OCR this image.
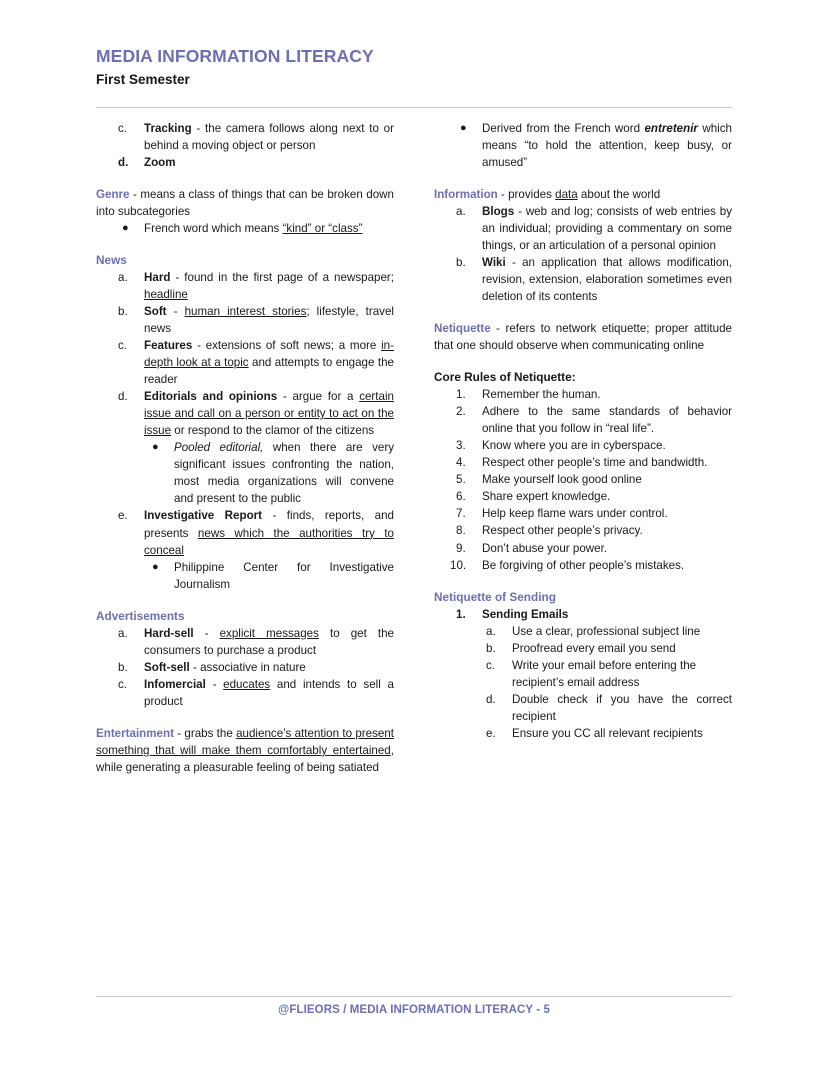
MEDIA INFORMATION LITERACY
First Semester
c.	Tracking - the camera follows along next to or behind a moving object or person
d.	Zoom

Genre - means a class of things that can be broken down into subcategories

●	French word which means “kind” or “class”

News

a.	Hard - found in the first page of a newspaper; headline
b.	Soft - human interest stories; lifestyle, travel news
c.	Features - extensions of soft news; a more in-depth look at a topic and attempts to engage the reader
d.	Editorials and opinions - argue for a certain issue and call on a person or entity to act on the issue or respond to the clamor of the citizens
●	Pooled editorial, when there are very significant issues confronting the nation, most media organizations will convene and present to the public
e.	Investigative Report - finds, reports, and presents news which the authorities try to conceal
●	Philippine Center for Investigative Journalism

Advertisements

a.	Hard-sell - explicit messages to get the consumers to purchase a product
b.	Soft-sell - associative in nature
c.	Infomercial - educates and intends to sell a product

Entertainment - grabs the audience’s attention to present something that will make them comfortably entertained, while generating a pleasurable feeling of being satiated

●	Derived from the French word entretenir which means “to hold the attention, keep busy, or amused”

Information - provides data about the world

a.	Blogs - web and log; consists of web entries by an individual; providing a commentary on some things, or an articulation of a personal opinion
b.	Wiki - an application that allows modification, revision, extension, elaboration sometimes even deletion of its contents

Netiquette - refers to network etiquette; proper attitude that one should observe when communicating online

Core Rules of Netiquette:

1.	Remember the human.
2.	Adhere to the same standards of behavior online that you follow in “real life”.
3.	Know where you are in cyberspace.
4.	Respect other people’s time and bandwidth.
5.	Make yourself look good online
6.	Share expert knowledge.
7.	Help keep flame wars under control.
8.	Respect other people’s privacy.
9.	Don’t abuse your power.
10.	Be forgiving of other people’s mistakes.

Netiquette of Sending

1.	Sending Emails
a.	Use a clear, professional subject line
b.	Proofread every email you send
c.	Write your email before entering the recipient’s email address
d.	Double check if you have the correct recipient
e.	Ensure you CC all relevant recipients
@FLIEORS / MEDIA INFORMATION LITERACY - 5
